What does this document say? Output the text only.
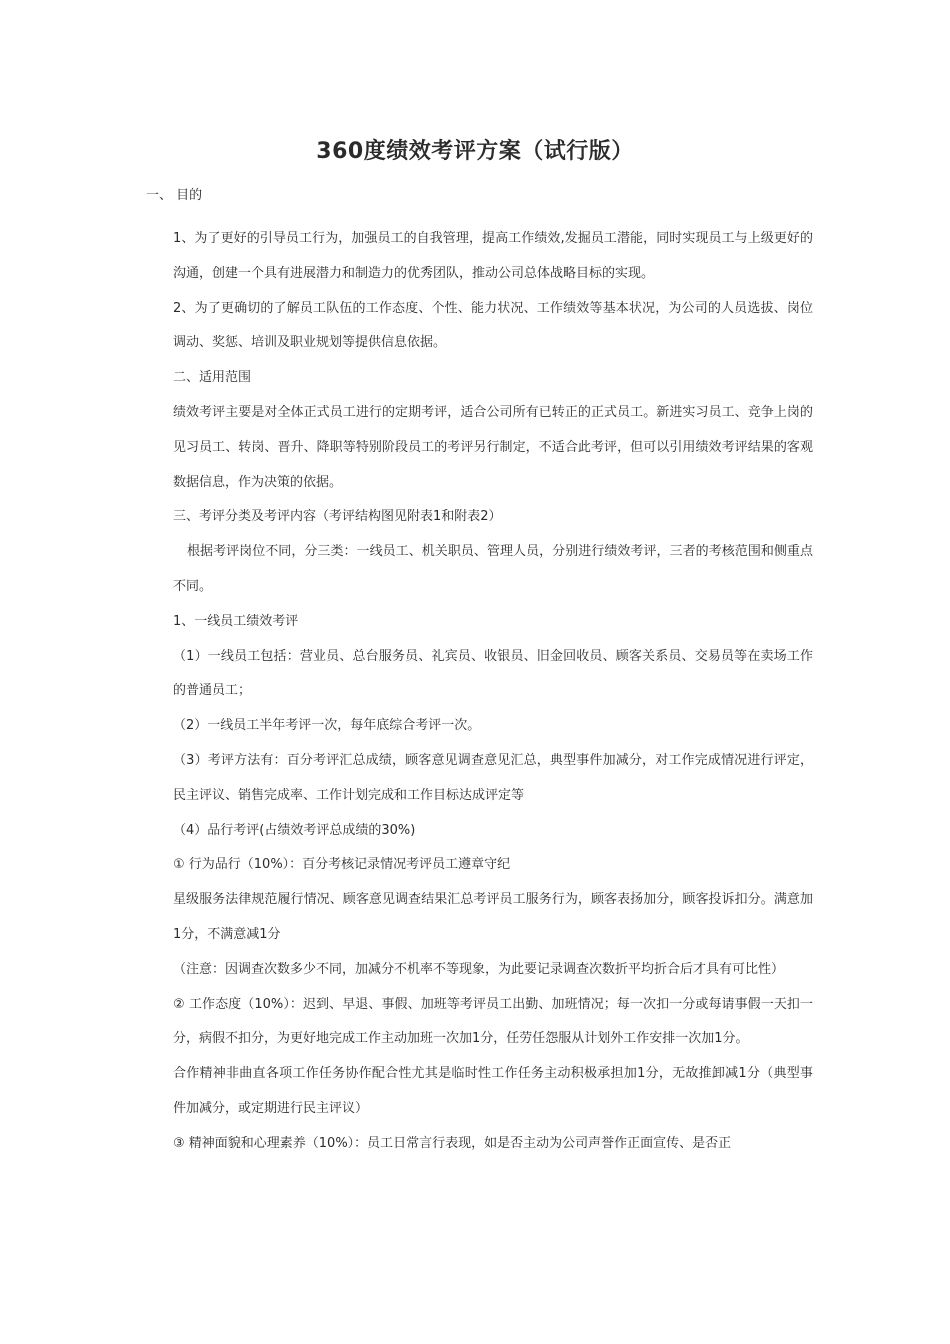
360度绩效考评方案（试行版）
一、 目的

1、为了更好的引导员工行为，加强员工的自我管理，提高工作绩效,发掘员工潜能，同时实现员工与上级更好的沟通，创建一个具有进展潜力和制造力的优秀团队，推动公司总体战略目标的实现。

2、为了更确切的了解员工队伍的工作态度、个性、能力状况、工作绩效等基本状况，为公司的人员选拔、岗位调动、奖惩、培训及职业规划等提供信息依据。

二、适用范围

绩效考评主要是对全体正式员工进行的定期考评，适合公司所有已转正的正式员工。新进实习员工、竞争上岗的见习员工、转岗、晋升、降职等特别阶段员工的考评另行制定，不适合此考评，但可以引用绩效考评结果的客观数据信息，作为决策的依据。

三、考评分类及考评内容（考评结构图见附表1和附表2）

根据考评岗位不同，分三类：一线员工、机关职员、管理人员，分别进行绩效考评，三者的考核范围和侧重点不同。

1、一线员工绩效考评

（1）一线员工包括：营业员、总台服务员、礼宾员、收银员、旧金回收员、顾客关系员、交易员等在卖场工作的普通员工；

（2）一线员工半年考评一次，每年底综合考评一次。

（3）考评方法有：百分考评汇总成绩，顾客意见调查意见汇总，典型事件加减分，对工作完成情况进行评定，民主评议、销售完成率、工作计划完成和工作目标达成评定等

（4）品行考评(占绩效考评总成绩的30%)

① 行为品行（10%）：百分考核记录情况考评员工遵章守纪

星级服务法律规范履行情况、顾客意见调查结果汇总考评员工服务行为，顾客表扬加分，顾客投诉扣分。满意加1分，不满意减1分

（注意：因调查次数多少不同，加减分不机率不等现象，为此要记录调查次数折平均折合后才具有可比性）

② 工作态度（10%）：迟到、早退、事假、加班等考评员工出勤、加班情况；每一次扣一分或每请事假一天扣一分，病假不扣分，为更好地完成工作主动加班一次加1分，任劳任怨服从计划外工作安排一次加1分。

合作精神非曲直各项工作任务协作配合性尤其是临时性工作任务主动积极承担加1分，无故推卸减1分（典型事件加减分，或定期进行民主评议）

③ 精神面貌和心理素养（10%）：员工日常言行表现，如是否主动为公司声誉作正面宣传、是否正
